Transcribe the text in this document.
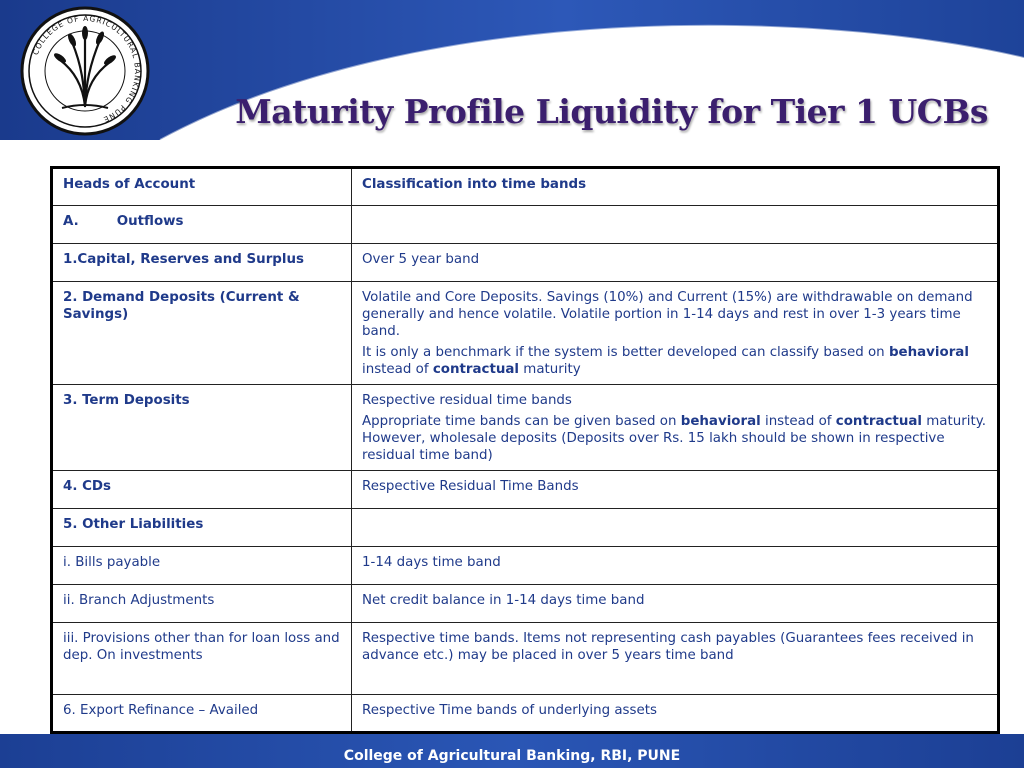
COLLEGE OF AGRICULTURAL BANKING PUNE	Maturity Profile Liquidity for Tier 1 UCBs
Heads of Account	Classification into time bands
A. Outflows	
1.Capital, Reserves and Surplus	Over 5 year band
2. Demand Deposits (Current & Savings)	Volatile and Core Deposits. Savings (10%) and Current (15%) are withdrawable on demand generally and hence volatile. Volatile portion in 1-14 days and rest in over 1-3 years time band.

It is only a benchmark if the system is better developed can classify based on behavioral instead of contractual maturity

3. Term Deposits	Respective residual time bands

Appropriate time bands can be given based on behavioral instead of contractual maturity. However, wholesale deposits (Deposits over Rs. 15 lakh should be shown in respective residual time band)

4. CDs	Respective Residual Time Bands
5. Other Liabilities	
i. Bills payable	1-14 days time band
ii. Branch Adjustments	Net credit balance in 1-14 days time band
iii. Provisions other than for loan loss and dep. On investments	Respective time bands. Items not representing cash payables (Guarantees fees received in advance etc.) may be placed in over 5 years time band
6. Export Refinance – Availed	Respective Time bands of underlying assets
College of Agricultural Banking, RBI, PUNE
